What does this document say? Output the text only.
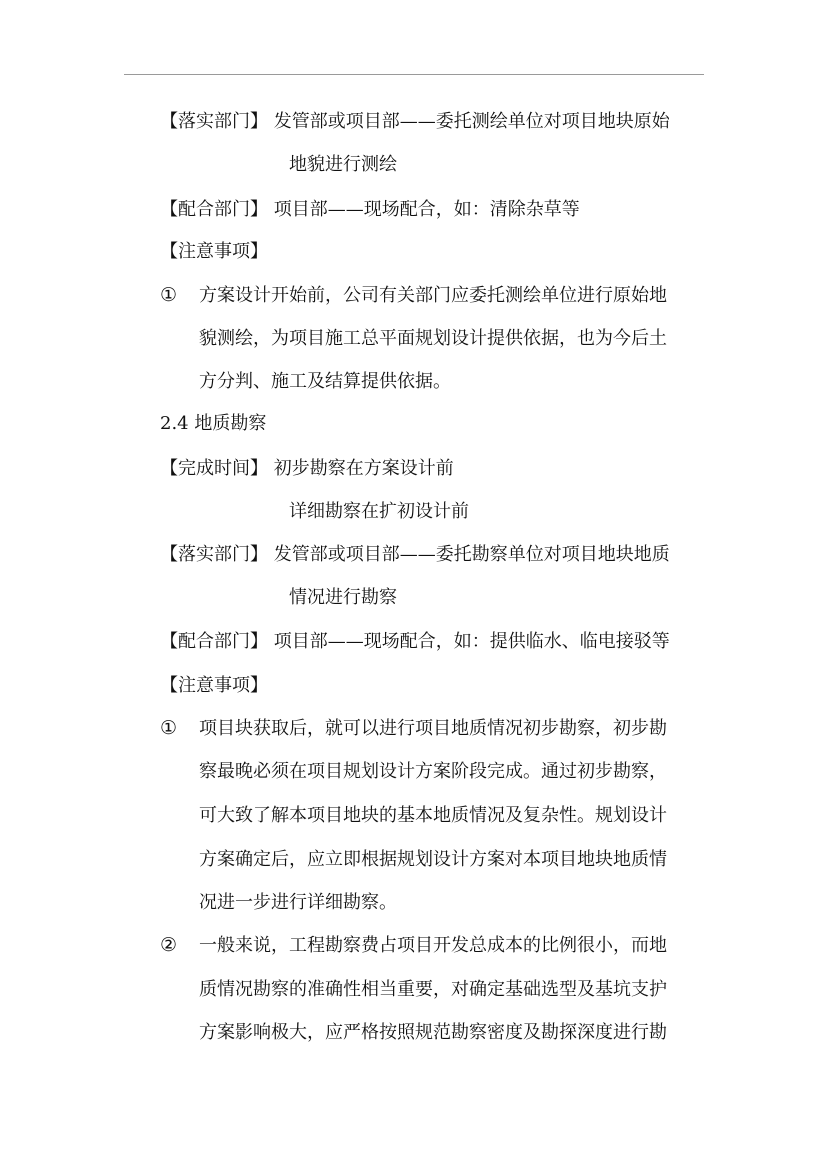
【落实部门】 发管部或项目部——委托测绘单位对项目地块原始
地貌进行测绘
【配合部门】 项目部——现场配合，如：清除杂草等
【注意事项】
① 方案设计开始前，公司有关部门应委托测绘单位进行原始地
貌测绘，为项目施工总平面规划设计提供依据，也为今后土
方分判、施工及结算提供依据。
2.4 地质勘察
【完成时间】 初步勘察在方案设计前
详细勘察在扩初设计前
【落实部门】 发管部或项目部——委托勘察单位对项目地块地质
情况进行勘察
【配合部门】 项目部——现场配合，如：提供临水、临电接驳等
【注意事项】
① 项目块获取后，就可以进行项目地质情况初步勘察，初步勘
察最晚必须在项目规划设计方案阶段完成。通过初步勘察，
可大致了解本项目地块的基本地质情况及复杂性。规划设计
方案确定后，应立即根据规划设计方案对本项目地块地质情
况进一步进行详细勘察。
② 一般来说，工程勘察费占项目开发总成本的比例很小，而地
质情况勘察的准确性相当重要，对确定基础选型及基坑支护
方案影响极大，应严格按照规范勘察密度及勘探深度进行勘
